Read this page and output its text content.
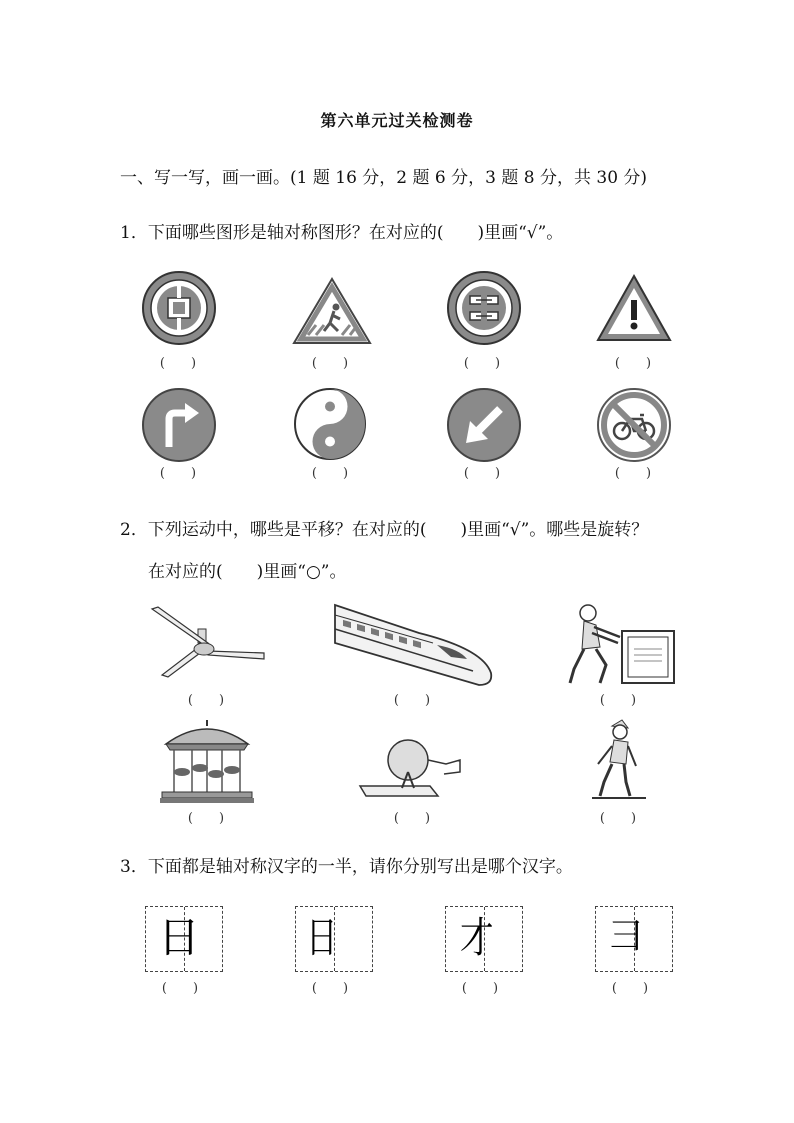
第六单元过关检测卷
一、写一写，画一画。(1 题 16 分，2 题 6 分，3 题 8 分，共 30 分)
1．下面哪些图形是轴对称图形？在对应的(　　)里画“√”。
(　　)	(　　)	(　　)	(　　)
(　　)	(　　)	(　　)	(　　)
2．下列运动中，哪些是平移？在对应的(　　)里画“√”。哪些是旋转？
在对应的(　　)里画“○”。
(　　)	(　　)	(　　)
(　　)	(　　)	(　　)
3．下面都是轴对称汉字的一半，请你分别写出是哪个汉字。
日
(　　)
日
(　　)
才
(　　)
彐
(　　)
